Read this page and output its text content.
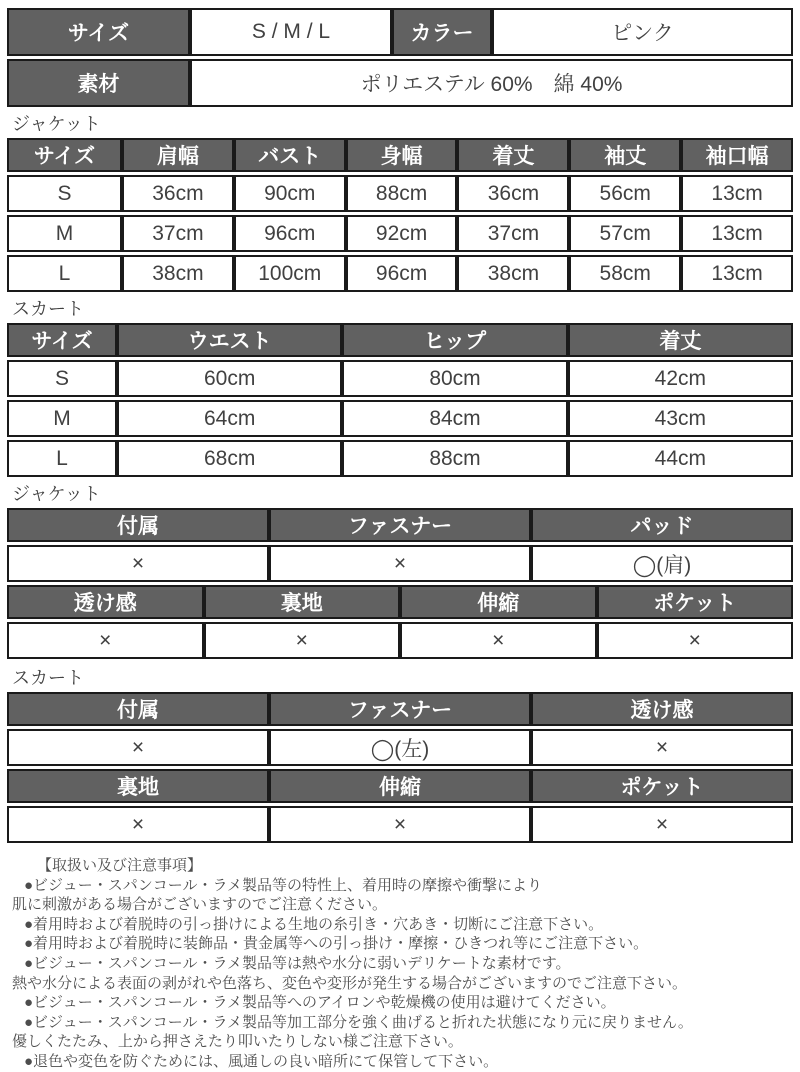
サイズ	S / M / L	カラー	ピンク
素材	ポリエステル 60%　綿 40%		
ジャケット
サイズ	肩幅	バスト	身幅	着丈	袖丈	袖口幅
S	36cm	90cm	88cm	36cm	56cm	13cm
M	37cm	96cm	92cm	37cm	57cm	13cm
L	38cm	100cm	96cm	38cm	58cm	13cm
スカート
サイズ	ウエスト	ヒップ	着丈
S	60cm	80cm	42cm
M	64cm	84cm	43cm
L	68cm	88cm	44cm
ジャケット
付属	ファスナー	パッド
×	×	◯(肩)
透け感	裏地	伸縮	ポケット
×	×	×	×
スカート
付属	ファスナー	透け感
×	◯(左)	×
裏地	伸縮	ポケット
×	×	×
【取扱い及び注意事項】
●ビジュー・スパンコール・ラメ製品等の特性上、着用時の摩擦や衝撃により
肌に刺激がある場合がございますのでご注意ください。
●着用時および着脱時の引っ掛けによる生地の糸引き・穴あき・切断にご注意下さい。
●着用時および着脱時に装飾品・貴金属等への引っ掛け・摩擦・ひきつれ等にご注意下さい。
●ビジュー・スパンコール・ラメ製品等は熱や水分に弱いデリケートな素材です。
熱や水分による表面の剥がれや色落ち、変色や変形が発生する場合がございますのでご注意下さい。
●ビジュー・スパンコール・ラメ製品等へのアイロンや乾燥機の使用は避けてください。
●ビジュー・スパンコール・ラメ製品等加工部分を強く曲げると折れた状態になり元に戻りません。
優しくたたみ、上から押さえたり叩いたりしない様ご注意下さい。
●退色や変色を防ぐためには、風通しの良い暗所にて保管して下さい。
